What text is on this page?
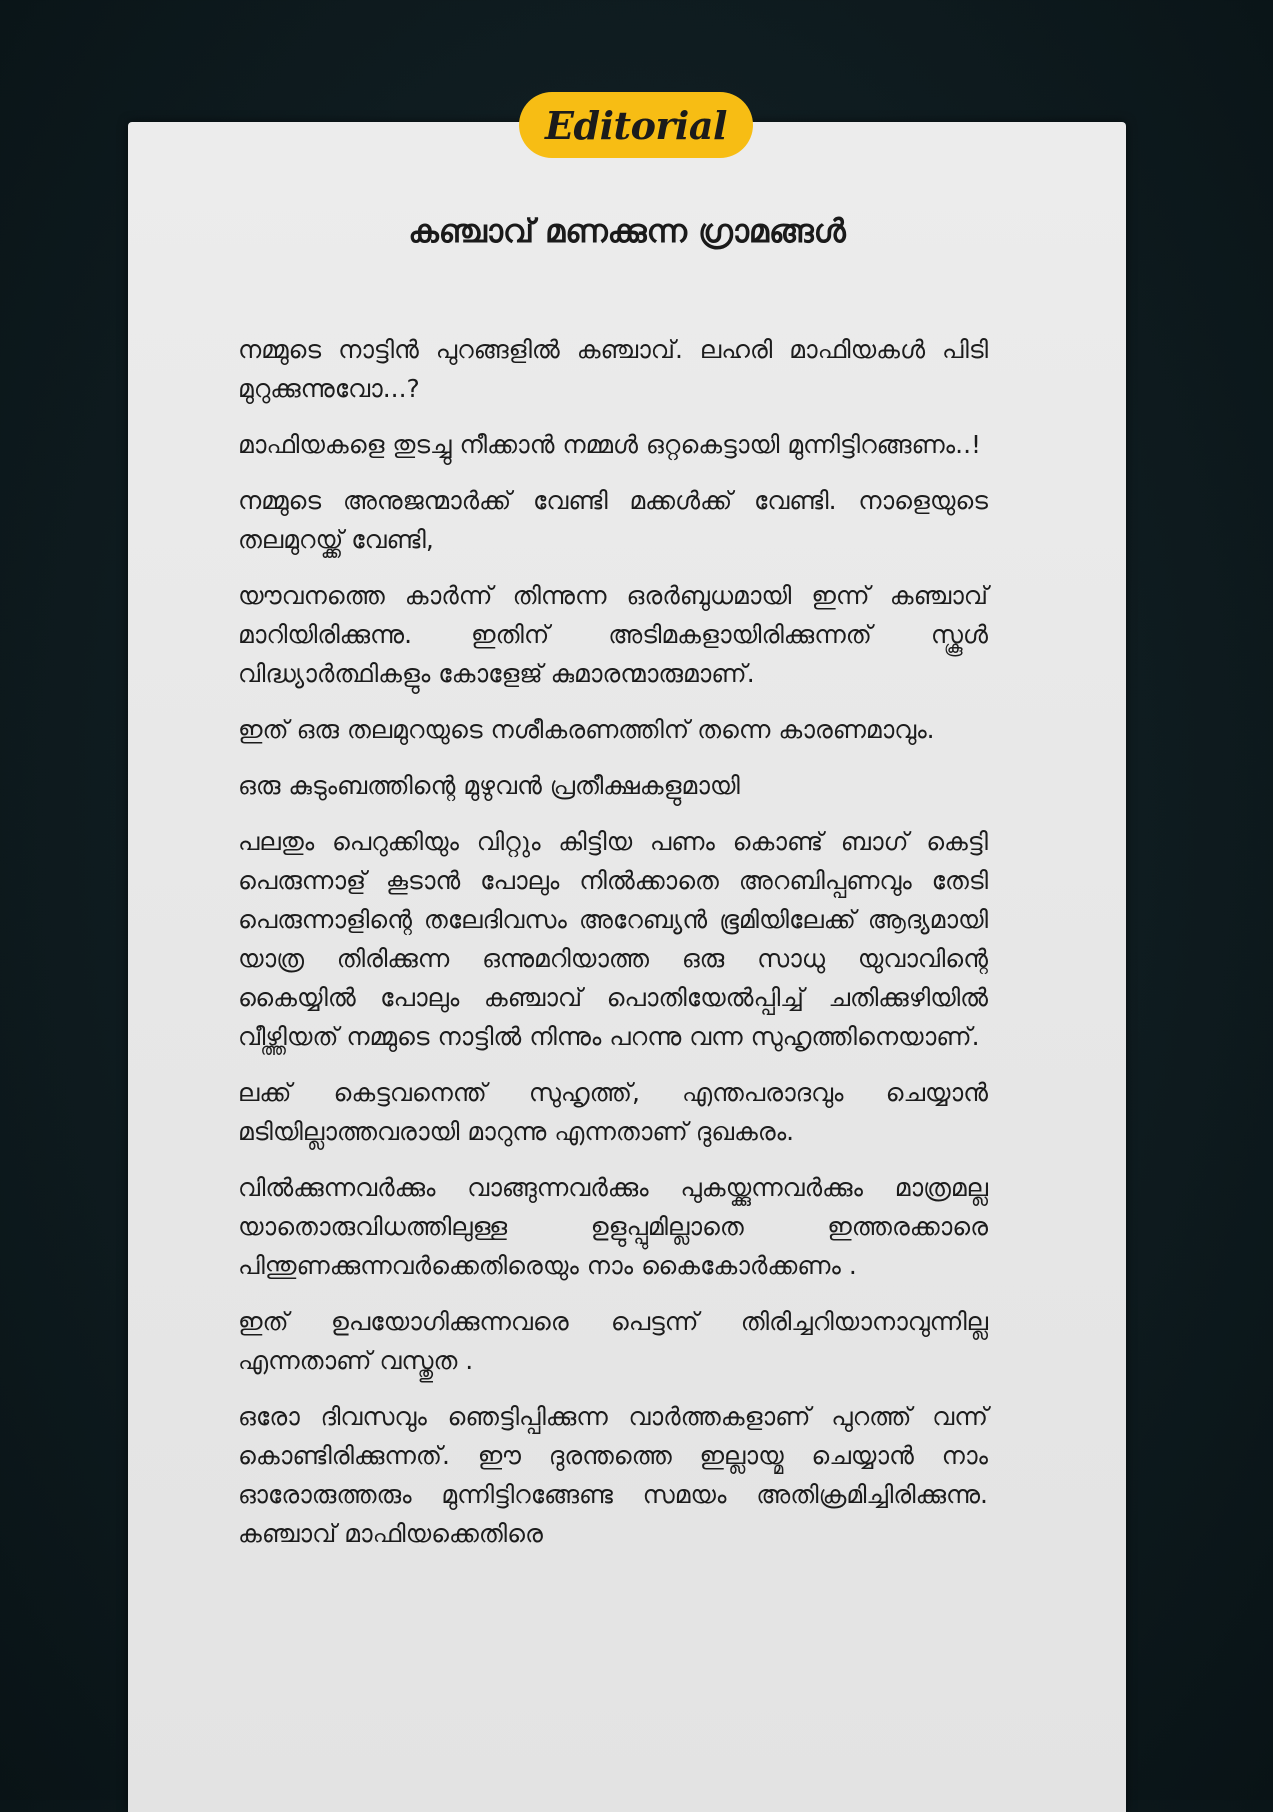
Editorial
കഞ്ചാവ് മണക്കുന്ന ഗ്രാമങ്ങൾ

നമ്മുടെ നാട്ടിൻ പുറങ്ങളിൽ കഞ്ചാവ്. ലഹരി മാഫിയകൾ പിടി മുറുക്കുന്നുവോ...?

മാഫിയകളെ തുടച്ചു നീക്കാൻ നമ്മൾ ഒറ്റകെട്ടായി മുന്നിട്ടിറങ്ങണം..!

നമ്മുടെ അനുജന്മാർക്ക് വേണ്ടി മക്കൾക്ക് വേണ്ടി. നാളെയുടെ തലമുറയ്ക്ക് വേണ്ടി,

യൗവനത്തെ കാർന്ന് തിന്നുന്ന ഒരർബുധമായി ഇന്ന് കഞ്ചാവ് മാറിയിരിക്കുന്നു. ഇതിന് അടിമകളായിരിക്കുന്നത് സ്കൂൾ വിദ്ധ്യാർത്ഥികളും കോളേജ് കുമാരന്മാരുമാണ്.

ഇത് ഒരു തലമുറയുടെ നശീകരണത്തിന് തന്നെ കാരണമാവും.

ഒരു കുടുംബത്തിന്റെ മുഴുവൻ പ്രതീക്ഷകളുമായി

പലതും പെറുക്കിയും വിറ്റും കിട്ടിയ പണം കൊണ്ട് ബാഗ് കെട്ടി പെരുന്നാള് കൂടാൻ പോലും നിൽക്കാതെ അറബിപ്പണവും തേടി പെരുന്നാളിന്റെ തലേദിവസം അറേബ്യൻ ഭൂമിയിലേക്ക് ആദ്യമായി യാത്ര തിരിക്കുന്ന ഒന്നുമറിയാത്ത ഒരു സാധു യുവാവിന്റെ കൈയ്യിൽ പോലും കഞ്ചാവ് പൊതിയേൽപ്പിച്ച് ചതിക്കുഴിയിൽ വീഴ്ത്തിയത് നമ്മുടെ നാട്ടിൽ നിന്നും പറന്നു വന്ന സുഹൃത്തിനെയാണ്.

ലക്ക് കെട്ടവനെന്ത് സുഹൃത്ത്, എന്തപരാദവും ചെയ്യാൻ മടിയില്ലാത്തവരായി മാറുന്നു എന്നതാണ് ദുഖകരം.

വിൽക്കുന്നവർക്കും വാങ്ങുന്നവർക്കും പുകയ്ക്കുന്നവർക്കും മാത്രമല്ല യാതൊരുവിധത്തിലുള്ള ഉളുപ്പുമില്ലാതെ ഇത്തരക്കാരെ പിന്തുണക്കുന്നവർക്കെതിരെയും നാം കൈകോർക്കണം .

ഇത് ഉപയോഗിക്കുന്നവരെ പെട്ടന്ന് തിരിച്ചറിയാനാവുന്നില്ല എന്നതാണ് വസ്തുത .

ഒരോ ദിവസവും ഞെട്ടിപ്പിക്കുന്ന വാർത്തകളാണ് പുറത്ത് വന്ന് കൊണ്ടിരിക്കുന്നത്. ഈ ദുരന്തത്തെ ഇല്ലായ്മ ചെയ്യാൻ നാം ഓരോരുത്തരും മുന്നിട്ടിറങ്ങേണ്ട സമയം അതിക്രമിച്ചിരിക്കുന്നു. കഞ്ചാവ് മാഫിയക്കെതിരെ
